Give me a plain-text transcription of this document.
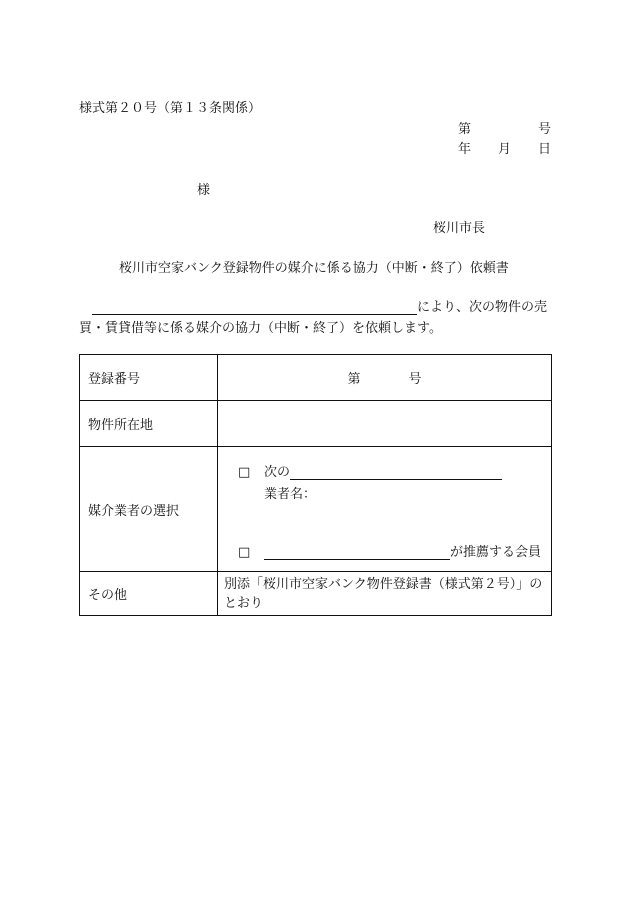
様式第２０号（第１３条関係）
第	号
年 月 日
様
桜川市長
桜川市空家バンク登録物件の媒介に係る協力（中断・終了）依頼書
により、次の物件の売
買・賃貸借等に係る媒介の協力（中断・終了）を依頼します。
登録番号	第 号

物件所在地	
媒介業者の選択	□ 次の
業者名：
□ が推薦する会員

その他	別添「桜川市空家バンク物件登録書（様式第２号）」のとおり
